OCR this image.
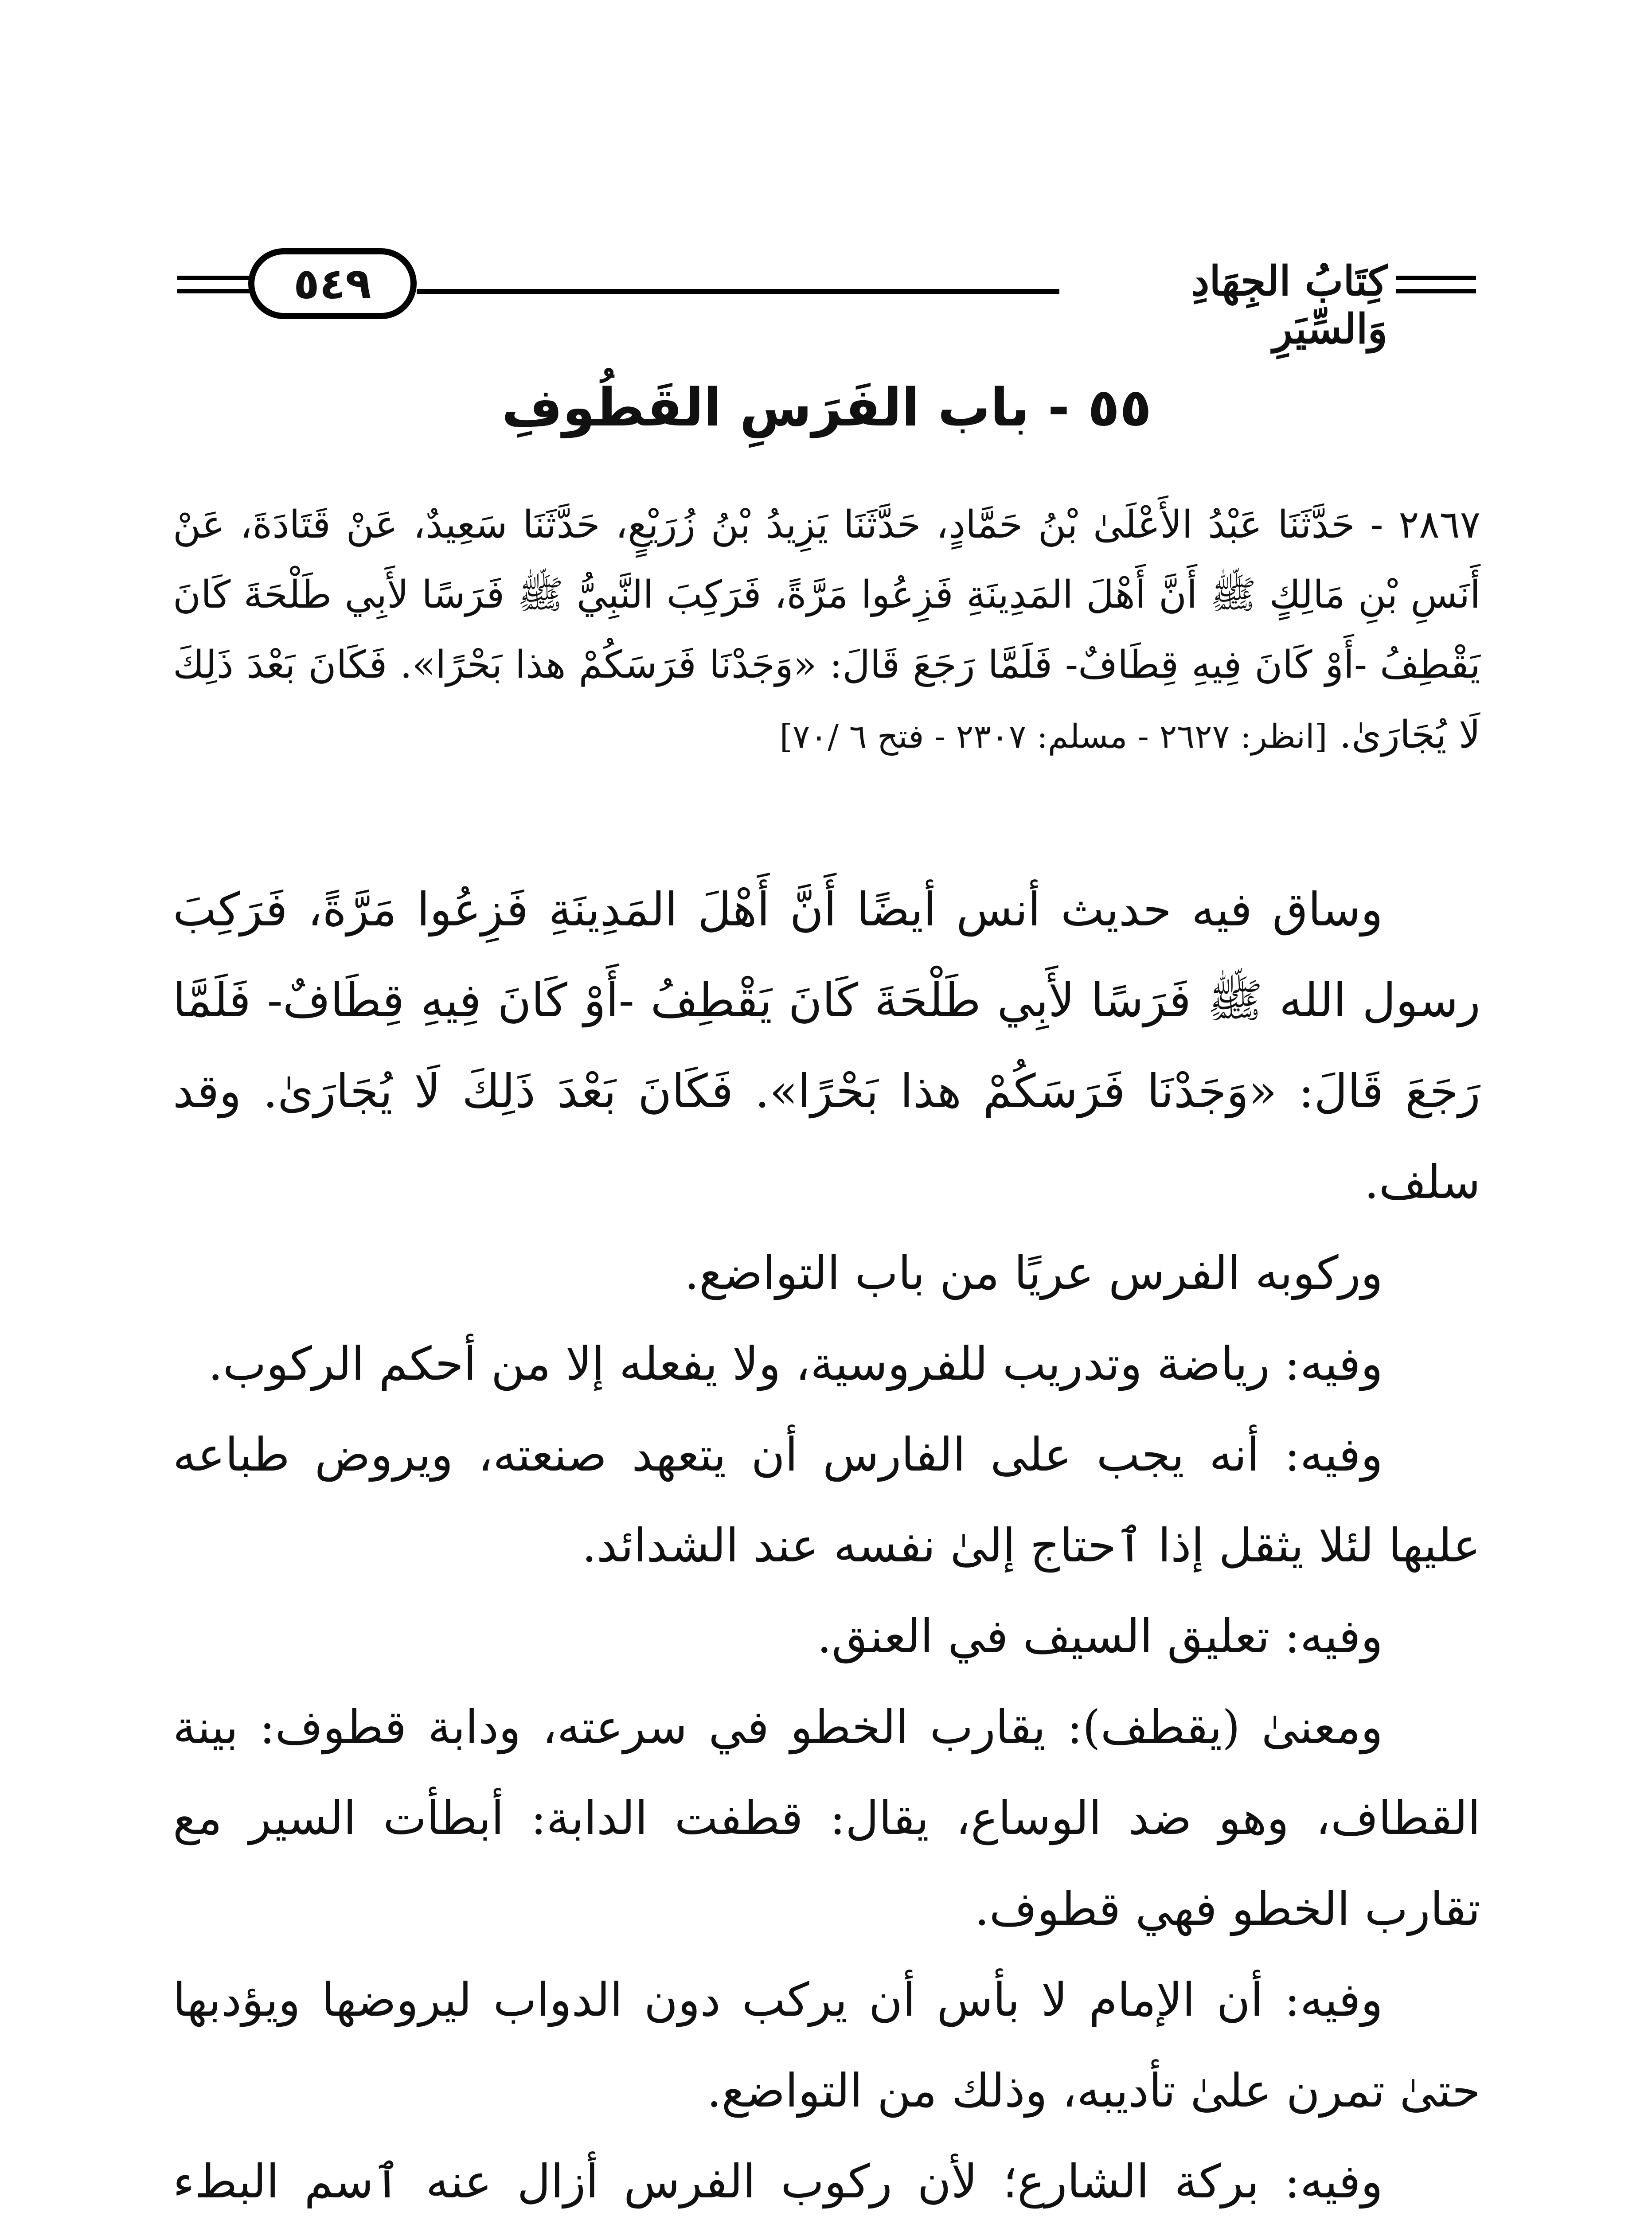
كِتَابُ الجِهَادِ وَالسِّيَرِ
٥٤٩
٥٥ - باب الفَرَسِ القَطُوفِ
٢٨٦٧ - حَدَّثَنَا عَبْدُ الأَعْلَىٰ بْنُ حَمَّادٍ، حَدَّثَنَا يَزِيدُ بْنُ زُرَيْعٍ، حَدَّثَنَا سَعِيدٌ، عَنْ قَتَادَةَ، عَنْ أَنَسِ بْنِ مَالِكٍ ﷺ أَنَّ أَهْلَ المَدِينَةِ فَزِعُوا مَرَّةً، فَرَكِبَ النَّبِيُّ ﷺ فَرَسًا لأَبِي طَلْحَةَ كَانَ يَقْطِفُ -أَوْ كَانَ فِيهِ قِطَافٌ- فَلَمَّا رَجَعَ قَالَ: «وَجَدْنَا فَرَسَكُمْ هذا بَحْرًا». فَكَانَ بَعْدَ ذَلِكَ لَا يُجَارَىٰ. [انظر: ٢٦٢٧ - مسلم: ٢٣٠٧ - فتح ٦ /٧٠]

وساق فيه حديث أنس أيضًا أَنَّ أَهْلَ المَدِينَةِ فَزِعُوا مَرَّةً، فَرَكِبَ رسول الله ﷺ فَرَسًا لأَبِي طَلْحَةَ كَانَ يَقْطِفُ -أَوْ كَانَ فِيهِ قِطَافٌ- فَلَمَّا رَجَعَ قَالَ: «وَجَدْنَا فَرَسَكُمْ هذا بَحْرًا». فَكَانَ بَعْدَ ذَلِكَ لَا يُجَارَىٰ. وقد سلف.

وركوبه الفرس عريًا من باب التواضع.

وفيه: رياضة وتدريب للفروسية، ولا يفعله إلا من أحكم الركوب.

وفيه: أنه يجب على الفارس أن يتعهد صنعته، ويروض طباعه عليها لئلا يثقل إذا ٱحتاج إلىٰ نفسه عند الشدائد.

وفيه: تعليق السيف في العنق.

ومعنىٰ (يقطف): يقارب الخطو في سرعته، ودابة قطوف: بينة القطاف، وهو ضد الوساع، يقال: قطفت الدابة: أبطأت السير مع تقارب الخطو فهي قطوف.

وفيه: أن الإمام لا بأس أن يركب دون الدواب ليروضها ويؤدبها حتىٰ تمرن علىٰ تأديبه، وذلك من التواضع.

وفيه: بركة الشارع؛ لأن ركوب الفرس أزال عنه ٱسم البطء
